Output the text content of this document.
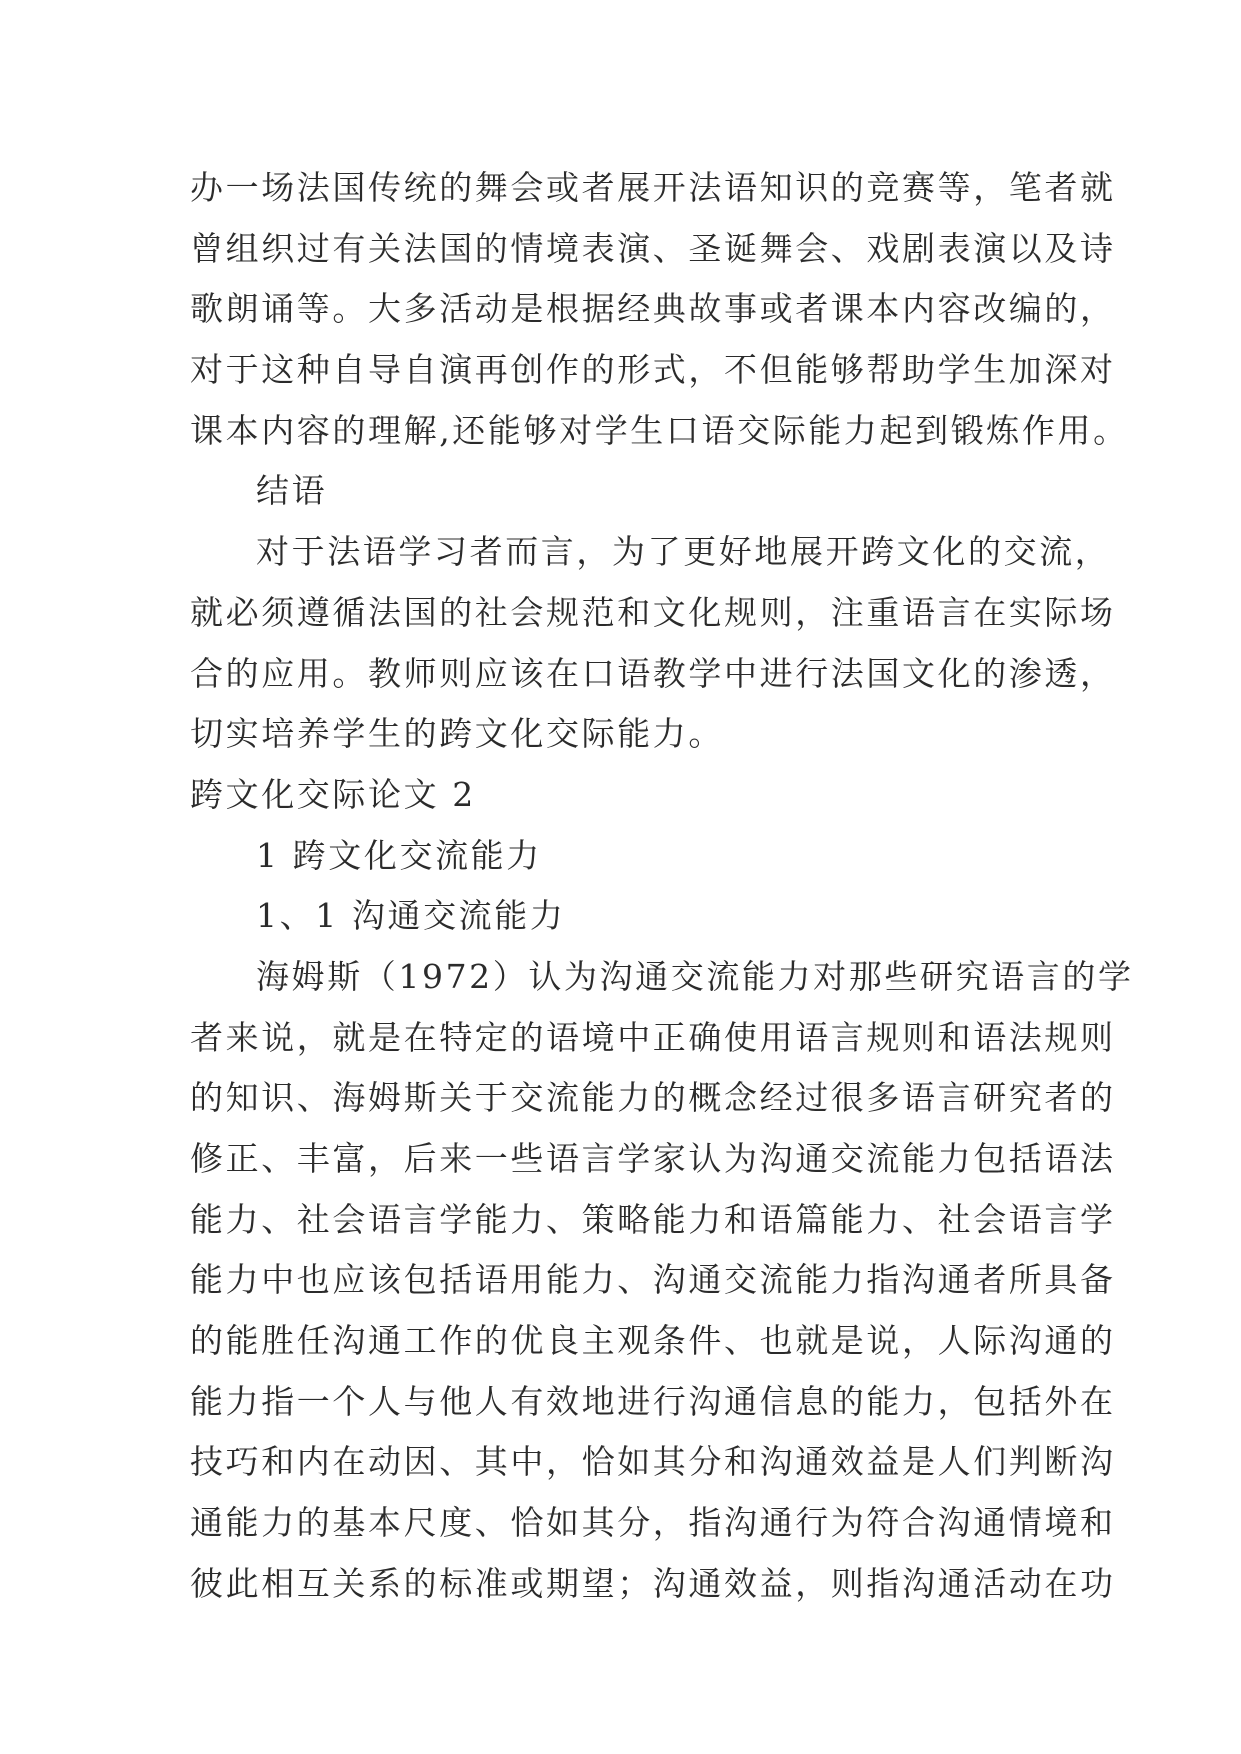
办一场法国传统的舞会或者展开法语知识的竞赛等，笔者就
曾组织过有关法国的情境表演、圣诞舞会、戏剧表演以及诗
歌朗诵等。大多活动是根据经典故事或者课本内容改编的，
对于这种自导自演再创作的形式，不但能够帮助学生加深对
课本内容的理解,还能够对学生口语交际能力起到锻炼作用。
结语
对于法语学习者而言，为了更好地展开跨文化的交流，
就必须遵循法国的社会规范和文化规则，注重语言在实际场
合的应用。教师则应该在口语教学中进行法国文化的渗透，
切实培养学生的跨文化交际能力。
跨文化交际论文 2
1 跨文化交流能力
1、1 沟通交流能力
海姆斯（1972）认为沟通交流能力对那些研究语言的学
者来说，就是在特定的语境中正确使用语言规则和语法规则
的知识、海姆斯关于交流能力的概念经过很多语言研究者的
修正、丰富，后来一些语言学家认为沟通交流能力包括语法
能力、社会语言学能力、策略能力和语篇能力、社会语言学
能力中也应该包括语用能力、沟通交流能力指沟通者所具备
的能胜任沟通工作的优良主观条件、也就是说，人际沟通的
能力指一个人与他人有效地进行沟通信息的能力，包括外在
技巧和内在动因、其中，恰如其分和沟通效益是人们判断沟
通能力的基本尺度、恰如其分，指沟通行为符合沟通情境和
彼此相互关系的标准或期望；沟通效益，则指沟通活动在功
